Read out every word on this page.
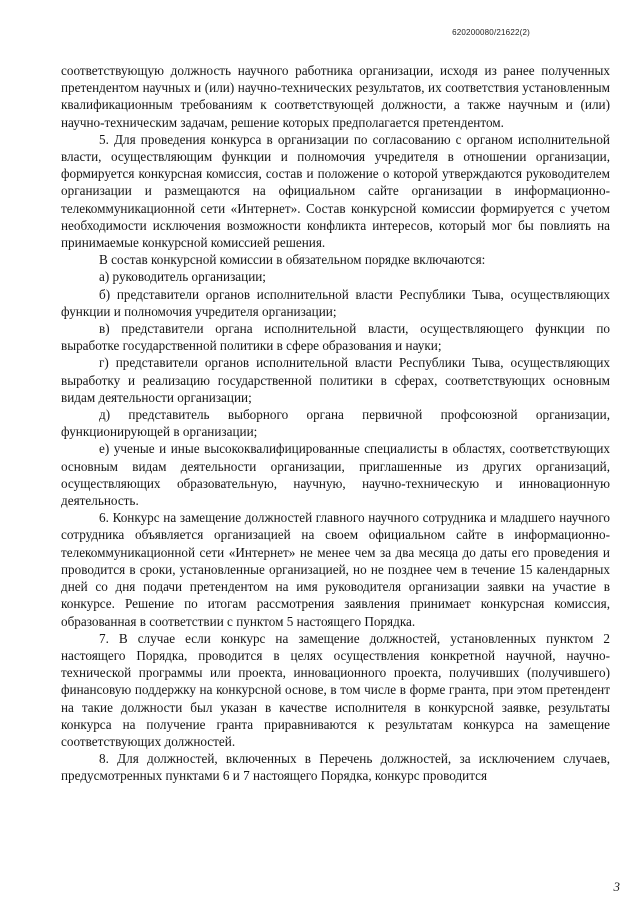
620200080/21622(2)

соответствующую должность научного работника организации, исходя из ранее полученных претендентом научных и (или) научно-технических результатов, их соответствия установленным квалификационным требованиям к соответствующей должности, а также научным и (или) научно-техническим задачам, решение которых предполагается претендентом.

5. Для проведения конкурса в организации по согласованию с органом исполнительной власти, осуществляющим функции и полномочия учредителя в отношении организации, формируется конкурсная комиссия, состав и положение о которой утверждаются руководителем организации и размещаются на официальном сайте организации в информационно-телекоммуникационной сети «Интернет». Состав конкурсной комиссии формируется с учетом необходимости исключения возможности конфликта интересов, который мог бы повлиять на принимаемые конкурсной комиссией решения.

В состав конкурсной комиссии в обязательном порядке включаются:

а) руководитель организации;

б) представители органов исполнительной власти Республики Тыва, осуществляющих функции и полномочия учредителя организации;

в) представители органа исполнительной власти, осуществляющего функции по выработке государственной политики в сфере образования и науки;

г) представители органов исполнительной власти Республики Тыва, осуществляющих выработку и реализацию государственной политики в сферах, соответствующих основным видам деятельности организации;

д) представитель выборного органа первичной профсоюзной организации, функционирующей в организации;

е) ученые и иные высококвалифицированные специалисты в областях, соответствующих основным видам деятельности организации, приглашенные из других организаций, осуществляющих образовательную, научную, научно-техническую и инновационную деятельность.

6. Конкурс на замещение должностей главного научного сотрудника и младшего научного сотрудника объявляется организацией на своем официальном сайте в информационно-телекоммуникационной сети «Интернет» не менее чем за два месяца до даты его проведения и проводится в сроки, установленные организацией, но не позднее чем в течение 15 календарных дней со дня подачи претендентом на имя руководителя организации заявки на участие в конкурсе. Решение по итогам рассмотрения заявления принимает конкурсная комиссия, образованная в соответствии с пунктом 5 настоящего Порядка.

7. В случае если конкурс на замещение должностей, установленных пунктом 2 настоящего Порядка, проводится в целях осуществления конкретной научной, научно-технической программы или проекта, инновационного проекта, получивших (получившего) финансовую поддержку на конкурсной основе, в том числе в форме гранта, при этом претендент на такие должности был указан в качестве исполнителя в конкурсной заявке, результаты конкурса на получение гранта приравниваются к результатам конкурса на замещение соответствующих должностей.

8. Для должностей, включенных в Перечень должностей, за исключением случаев, предусмотренных пунктами 6 и 7 настоящего Порядка, конкурс проводится

3
